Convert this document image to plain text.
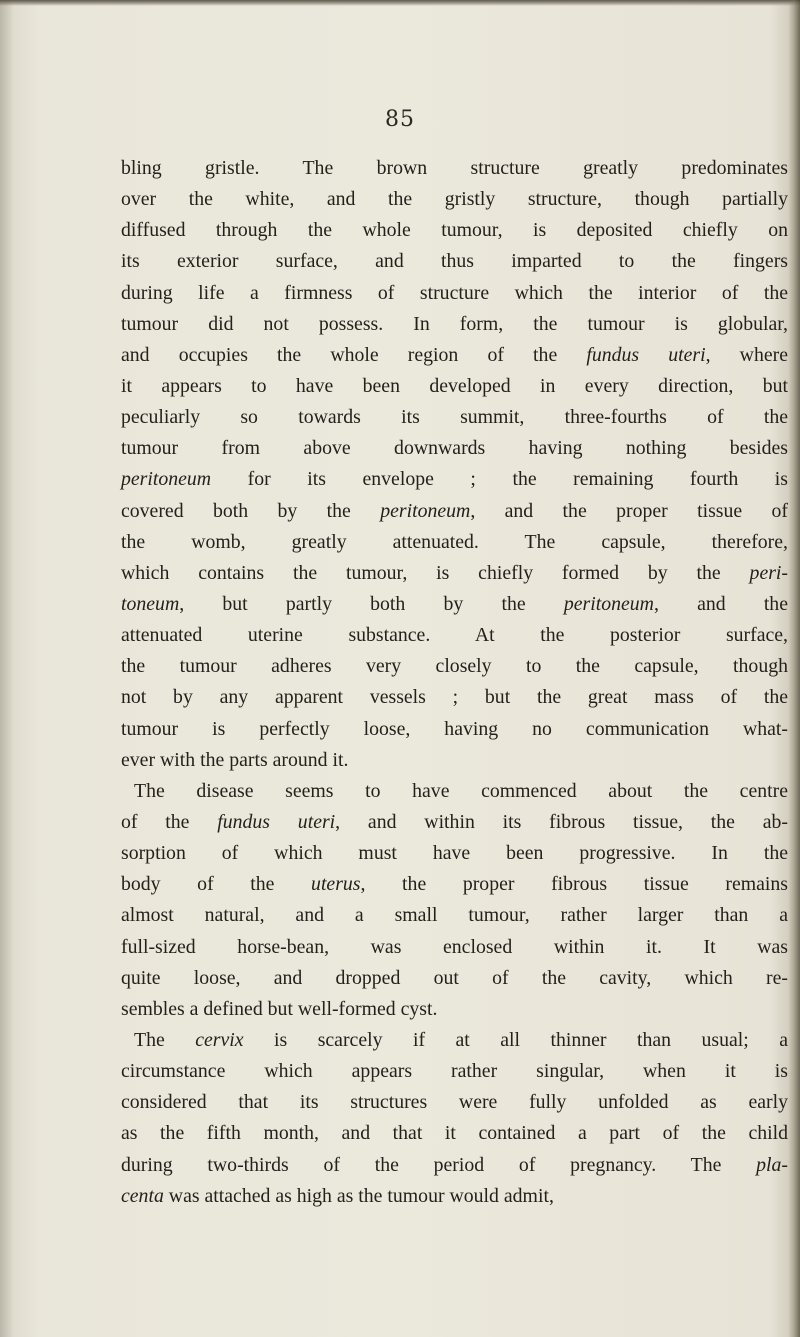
85
bling gristle. The brown structure greatly predominates
over the white, and the gristly structure, though partially
diffused through the whole tumour, is deposited chiefly on
its exterior surface, and thus imparted to the fingers
during life a firmness of structure which the interior of the
tumour did not possess. In form, the tumour is globular,
and occupies the whole region of the fundus uteri, where
it appears to have been developed in every direction, but
peculiarly so towards its summit, three-fourths of the
tumour from above downwards having nothing besides
peritoneum for its envelope ; the remaining fourth is
covered both by the peritoneum, and the proper tissue of
the womb, greatly attenuated. The capsule, therefore,
which contains the tumour, is chiefly formed by the peri-
toneum, but partly both by the peritoneum, and the
attenuated uterine substance. At the posterior surface,
the tumour adheres very closely to the capsule, though
not by any apparent vessels ; but the great mass of the
tumour is perfectly loose, having no communication what-
ever with the parts around it.
The disease seems to have commenced about the centre
of the fundus uteri, and within its fibrous tissue, the ab-
sorption of which must have been progressive. In the
body of the uterus, the proper fibrous tissue remains
almost natural, and a small tumour, rather larger than a
full-sized horse-bean, was enclosed within it. It was
quite loose, and dropped out of the cavity, which re-
sembles a defined but well-formed cyst.
The cervix is scarcely if at all thinner than usual; a
circumstance which appears rather singular, when it is
considered that its structures were fully unfolded as early
as the fifth month, and that it contained a part of the child
during two-thirds of the period of pregnancy. The pla-
centa was attached as high as the tumour would admit,
